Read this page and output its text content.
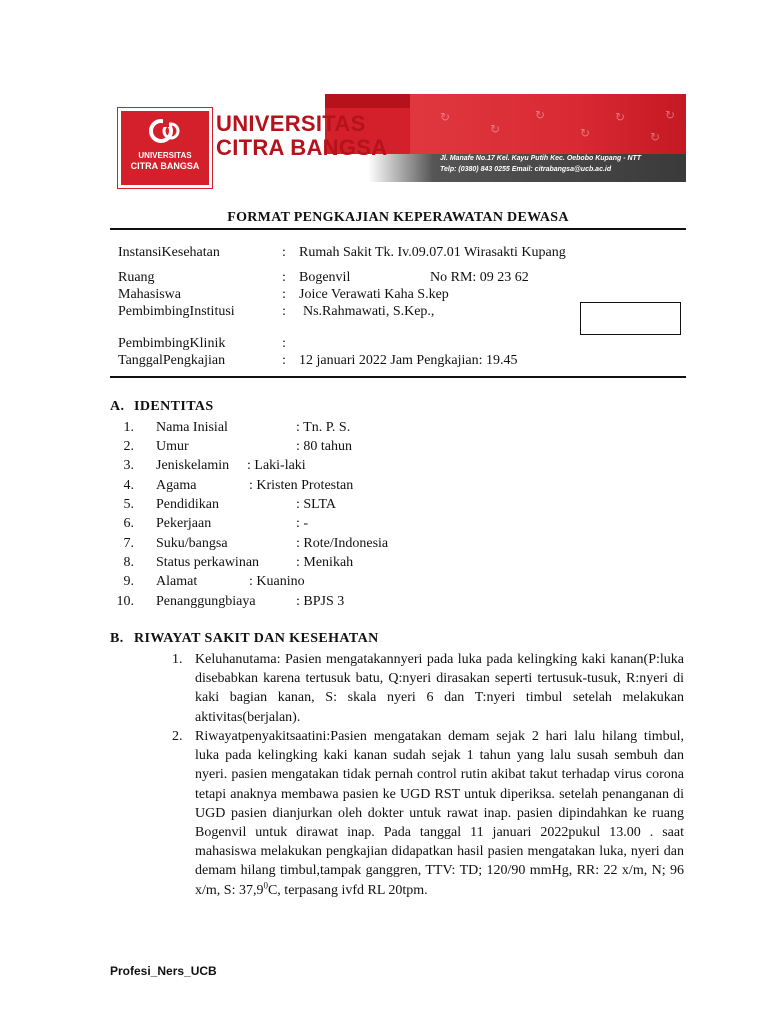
↻
↻
↻
↻
↻
↻
↻
UNIVERSITAS
CITRA BANGSA
UNIVERSITAS
CITRA BANGSA	Jl. Manafe No.17 Kel. Kayu Putih Kec. Oebobo Kupang - NTT
Telp: (0380) 843 0255 Email: citrabangsa@ucb.ac.id
FORMAT PENGKAJIAN KEPERAWATAN DEWASA
InstansiKesehatan	: Rumah Sakit Tk. Iv.09.07.01 Wirasakti Kupang
Ruang	: Bogenvil	No RM: 09 23 62
Mahasiswa	: Joice Verawati Kaha S.kep
PembimbingInstitusi	: Ns.Rahmawati, S.Kep.,
PembimbingKlinik	:
TanggalPengkajian	: 12 januari 2022 Jam Pengkajian: 19.45
A. IDENTITAS
1. Nama Inisial	: Tn. P. S.
2. Umur	: 80 tahun
3. Jeniskelamin : Laki-laki
4. Agama	: Kristen Protestan
5. Pendidikan	: SLTA
6. Pekerjaan	: -
7. Suku/bangsa	: Rote/Indonesia
8. Status perkawinan	: Menikah
9. Alamat	: Kuanino
10. Penanggungbiaya	: BPJS 3
B. RIWAYAT SAKIT DAN KESEHATAN
1. Keluhanutama: Pasien mengatakannyeri pada luka pada kelingking kaki kanan(P:luka disebabkan karena tertusuk batu, Q:nyeri dirasakan seperti tertusuk-tusuk, R:nyeri di kaki bagian kanan, S: skala nyeri 6 dan T:nyeri timbul setelah melakukan aktivitas(berjalan).
2. Riwayatpenyakitsaatini:Pasien mengatakan demam sejak 2 hari lalu hilang timbul, luka pada kelingking kaki kanan sudah sejak 1 tahun yang lalu susah sembuh dan nyeri. pasien mengatakan tidak pernah control rutin akibat takut terhadap virus corona tetapi anaknya membawa pasien ke UGD RST untuk diperiksa. setelah penanganan di UGD pasien dianjurkan oleh dokter untuk rawat inap. pasien dipindahkan ke ruang Bogenvil untuk dirawat inap. Pada tanggal 11 januari 2022pukul 13.00 . saat mahasiswa melakukan pengkajian didapatkan hasil pasien mengatakan luka, nyeri dan demam hilang timbul,tampak ganggren, TTV: TD; 120/90 mmHg, RR: 22 x/m, N; 96 x/m, S: 37,9$^0$C, terpasang ivfd RL 20tpm.
Profesi_Ners_UCB
